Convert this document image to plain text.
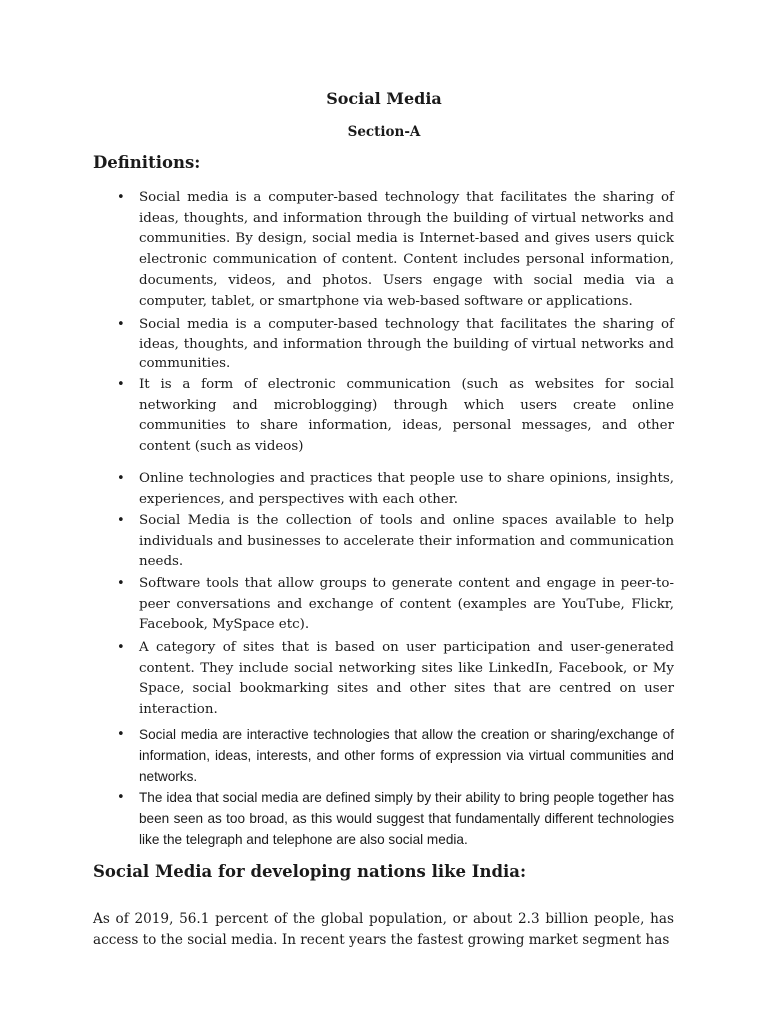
Social Media
Section-A
Definitions:
• Social media is a computer-based technology that facilitates the sharing of ideas, thoughts, and information through the building of virtual networks and communities. By design, social media is Internet-based and gives users quick electronic communication of content. Content includes personal information, documents, videos, and photos. Users engage with social media via a computer, tablet, or smartphone via web-based software or applications.
• Social media is a computer-based technology that facilitates the sharing of ideas, thoughts, and information through the building of virtual networks and communities.
• It is a form of electronic communication (such as websites for social networking and microblogging) through which users create online communities to share information, ideas, personal messages, and other content (such as videos)
• Online technologies and practices that people use to share opinions, insights, experiences, and perspectives with each other.
• Social Media is the collection of tools and online spaces available to help individuals and businesses to accelerate their information and communication needs.
• Software tools that allow groups to generate content and engage in peer-to-peer conversations and exchange of content (examples are YouTube, Flickr, Facebook, MySpace etc).
• A category of sites that is based on user participation and user-generated content. They include social networking sites like LinkedIn, Facebook, or My Space, social bookmarking sites and other sites that are centred on user interaction.
• Social media are interactive technologies that allow the creation or sharing/exchange of information, ideas, interests, and other forms of expression via virtual communities and networks.
• The idea that social media are defined simply by their ability to bring people together has been seen as too broad, as this would suggest that fundamentally different technologies like the telegraph and telephone are also social media.
Social Media for developing nations like India:

As of 2019, 56.1 percent of the global population, or about 2.3 billion people, has access to the social media. In recent years the fastest growing market segment has
